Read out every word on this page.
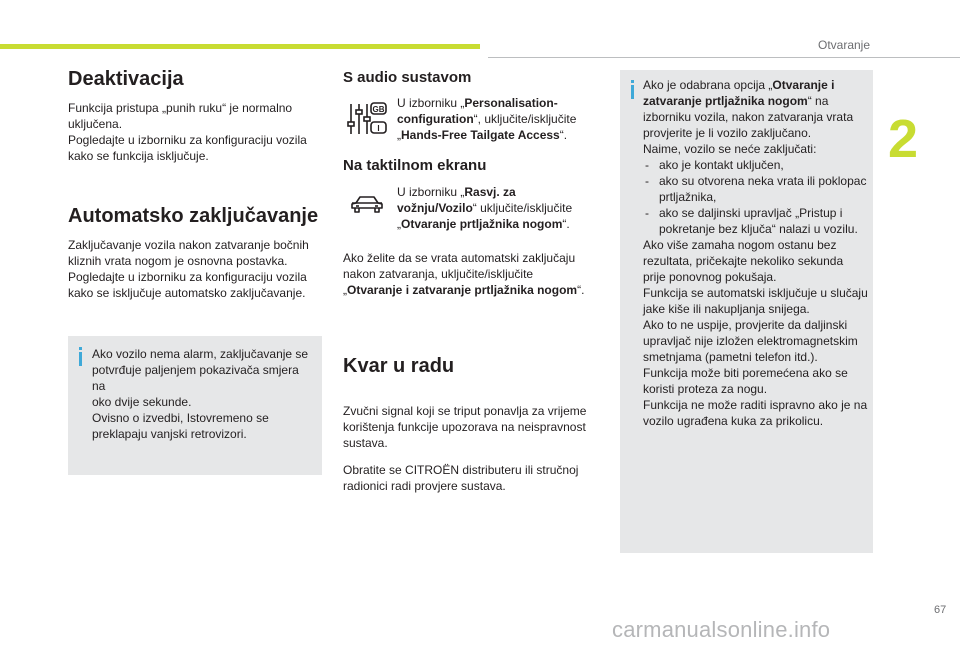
Otvaranje
2
Deaktivacija
Funkcija pristupa „punih ruku“ je normalno
uključena.
Pogledajte u izborniku za konfiguraciju vozila
kako se funkcija isključuje.
Automatsko zaključavanje
Zaključavanje vozila nakon zatvaranje bočnih
kliznih vrata nogom je osnovna postavka.
Pogledajte u izborniku za konfiguraciju vozila
kako se isključuje automatsko zaključavanje.
Ako vozilo nema alarm, zaključavanje se
potvrđuje paljenjem pokazivača smjera na
oko dvije sekunde.
Ovisno o izvedbi, Istovremeno se
preklapaju vanjski retrovizori.
S audio sustavom
GB
I
U izborniku „Personalisation-
configuration“, uključite/isključite
„Hands-Free Tailgate Access“.
Na taktilnom ekranu
U izborniku „Rasvj. za
vožnju/Vozilo“ uključite/isključite
„Otvaranje prtljažnika nogom“.
Ako želite da se vrata automatski zaključaju
nakon zatvaranja, uključite/isključite
„Otvaranje i zatvaranje prtljažnika nogom“.
Kvar u radu
Zvučni signal koji se triput ponavlja za vrijeme
korištenja funkcije upozorava na neispravnost
sustava.
Obratite se CITROËN distributeru ili stručnoj
radionici radi provjere sustava.
Ako je odabrana opcija „Otvaranje i
zatvaranje prtljažnika nogom“ na
izborniku vozila, nakon zatvaranja vrata
provjerite je li vozilo zaključano.
Naime, vozilo se neće zaključati:
- ako je kontakt uključen,
- ako su otvorena neka vrata ili poklopac
prtljažnika,
- ako se daljinski upravljač „Pristup i
pokretanje bez ključa“ nalazi u vozilu.
Ako više zamaha nogom ostanu bez
rezultata, pričekajte nekoliko sekunda
prije ponovnog pokušaja.
Funkcija se automatski isključuje u slučaju
jake kiše ili nakupljanja snijega.
Ako to ne uspije, provjerite da daljinski
upravljač nije izložen elektromagnetskim
smetnjama (pametni telefon itd.).
Funkcija može biti poremećena ako se
koristi proteza za nogu.
Funkcija ne može raditi ispravno ako je na
vozilo ugrađena kuka za prikolicu.
67
carmanualsonline.info
